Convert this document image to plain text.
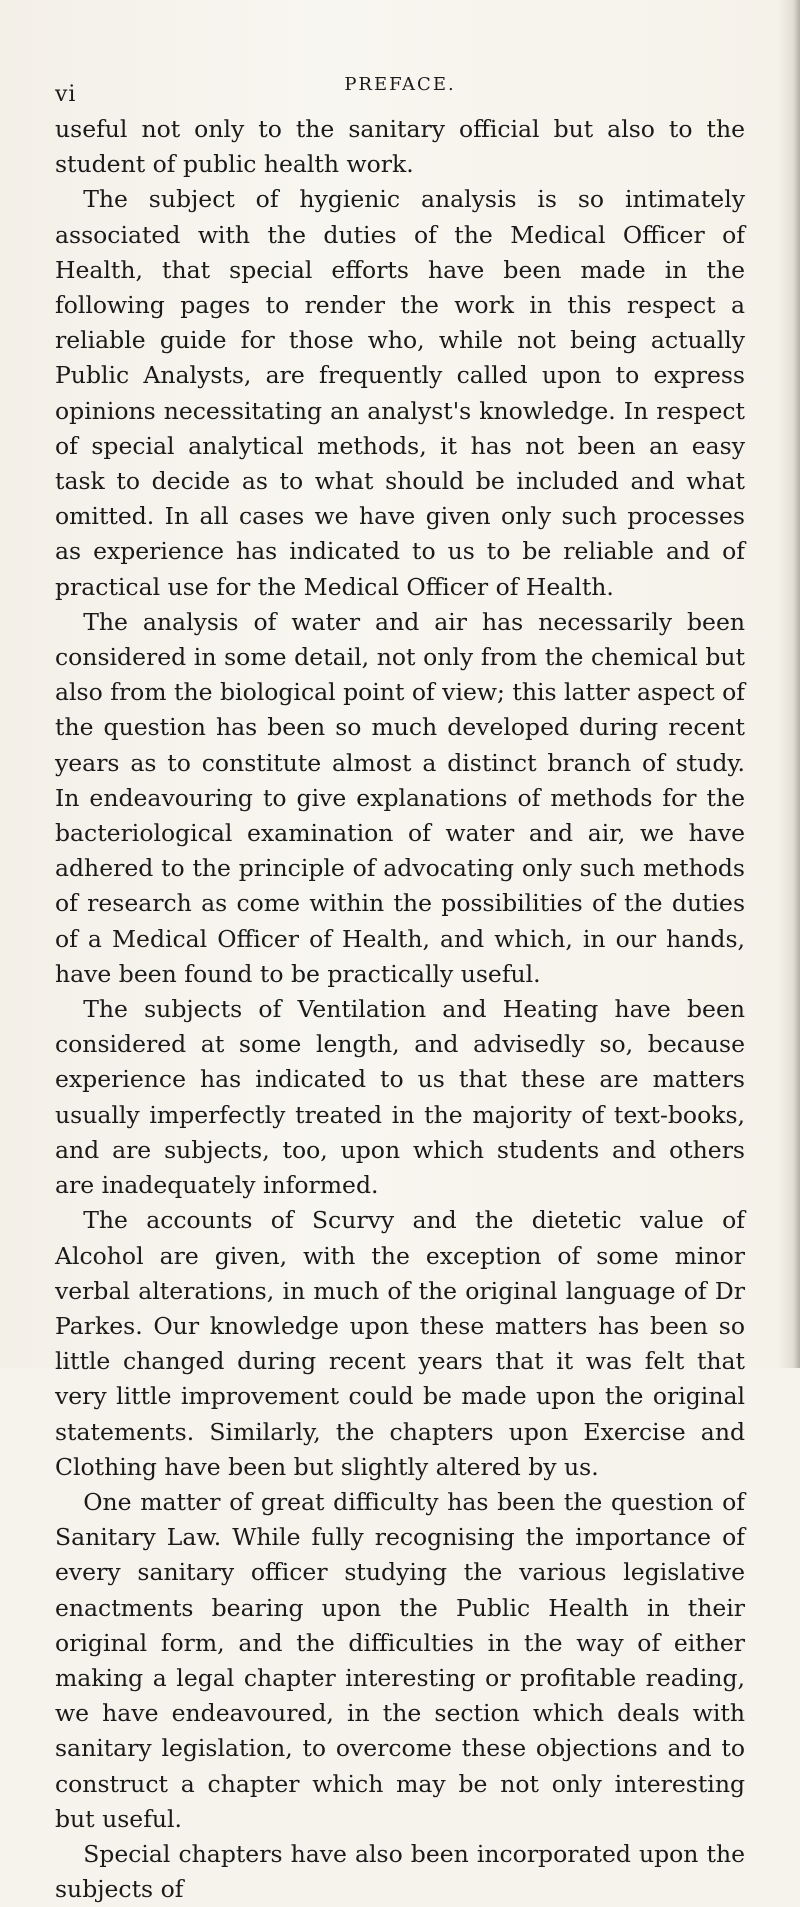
vi	PREFACE.

useful not only to the sanitary official but also to the student of public health work.

The subject of hygienic analysis is so intimately associated with the duties of the Medical Officer of Health, that special efforts have been made in the following pages to render the work in this respect a reliable guide for those who, while not being actually Public Analysts, are frequently called upon to express opinions necessitating an analyst's knowledge. In respect of special analytical methods, it has not been an easy task to decide as to what should be included and what omitted. In all cases we have given only such processes as experience has indicated to us to be reliable and of practical use for the Medical Officer of Health.

The analysis of water and air has necessarily been considered in some detail, not only from the chemical but also from the biological point of view; this latter aspect of the question has been so much developed during recent years as to constitute almost a distinct branch of study. In endeavouring to give explanations of methods for the bacteriological examination of water and air, we have adhered to the principle of advocating only such methods of research as come within the possibilities of the duties of a Medical Officer of Health, and which, in our hands, have been found to be practically useful.

The subjects of Ventilation and Heating have been considered at some length, and advisedly so, because experience has indicated to us that these are matters usually imperfectly treated in the majority of text-books, and are subjects, too, upon which students and others are inadequately informed.

The accounts of Scurvy and the dietetic value of Alcohol are given, with the exception of some minor verbal alterations, in much of the original language of Dr Parkes. Our knowledge upon these matters has been so little changed during recent years that it was felt that very little improvement could be made upon the original statements. Similarly, the chapters upon Exercise and Clothing have been but slightly altered by us.

One matter of great difficulty has been the question of Sanitary Law. While fully recognising the importance of every sanitary officer studying the various legislative enactments bearing upon the Public Health in their original form, and the difficulties in the way of either making a legal chapter interesting or profitable reading, we have endeavoured, in the section which deals with sanitary legislation, to overcome these objections and to construct a chapter which may be not only interesting but useful.

Special chapters have also been incorporated upon the subjects of
